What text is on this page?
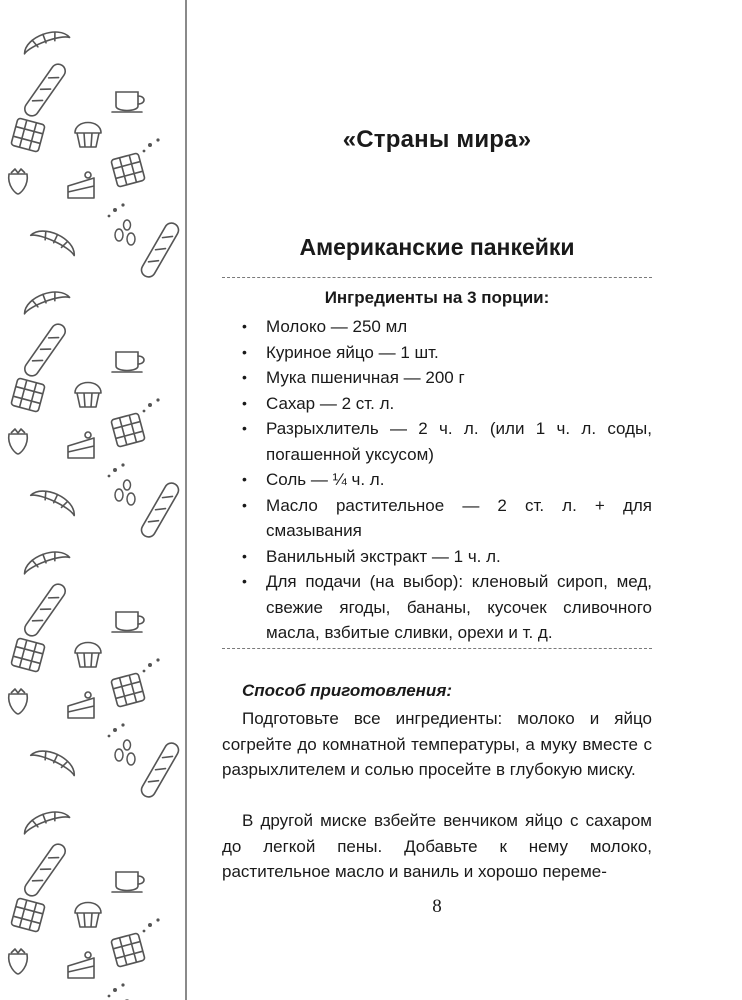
«Страны мира»
Американские панкейки
Ингредиенты на 3 порции:
• Молоко — 250 мл
• Куриное яйцо — 1 шт.
• Мука пшеничная — 200 г
• Сахар — 2 ст. л.
• Разрыхлитель — 2 ч. л. (или 1 ч. л. соды, погашенной уксусом)
• Соль — ¼ ч. л.
• Масло растительное — 2 ст. л. + для смазывания
• Ванильный экстракт — 1 ч. л.
• Для подачи (на выбор): кленовый сироп, мед, свежие ягоды, бананы, кусочек сливочного масла, взбитые сливки, орехи и т. д.
Способ приготовления:

Подготовьте все ингредиенты: молоко и яйцо согрейте до комнатной температуры, а муку вместе с разрыхлителем и солью просейте в глубокую миску.

В другой миске взбейте венчиком яйцо с сахаром до легкой пены. Добавьте к нему молоко, растительное масло и ваниль и хорошо переме-

8
